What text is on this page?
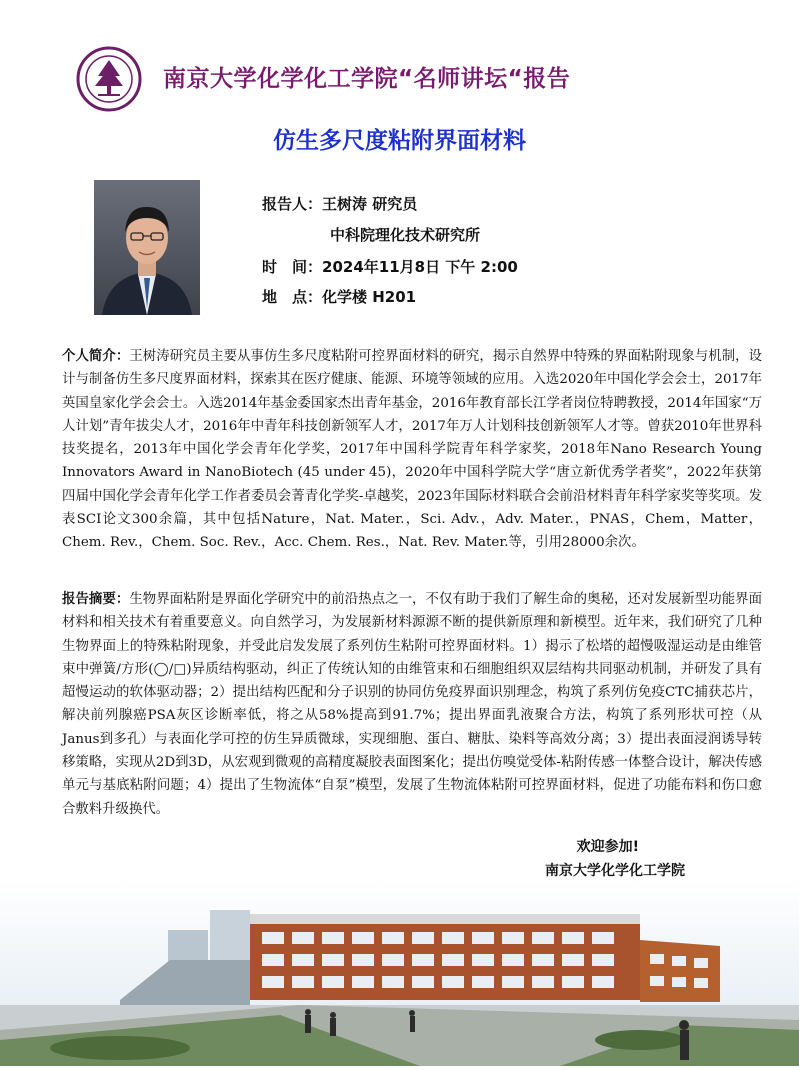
南京大学化学化工学院“名师讲坛“报告
仿生多尺度粘附界面材料
报告人：王树涛 研究员
中科院理化技术研究所
时　间：2024年11月8日 下午 2:00
地　点：化学楼 H201
个人简介：王树涛研究员主要从事仿生多尺度粘附可控界面材料的研究，揭示自然界中特殊的界面粘附现象与机制，设计与制备仿生多尺度界面材料，探索其在医疗健康、能源、环境等领域的应用。入选2020年中国化学会会士，2017年英国皇家化学会会士。入选2014年基金委国家杰出青年基金，2016年教育部长江学者岗位特聘教授，2014年国家“万人计划”青年拔尖人才，2016年中青年科技创新领军人才，2017年万人计划科技创新领军人才等。曾获2010年世界科技奖提名，2013年中国化学会青年化学奖，2017年中国科学院青年科学家奖，2018年Nano Research Young Innovators Award in NanoBiotech (45 under 45)，2020年中国科学院大学“唐立新优秀学者奖”，2022年获第四届中国化学会青年化学工作者委员会菁青化学奖-卓越奖，2023年国际材料联合会前沿材料青年科学家奖等奖项。发表SCI论文300余篇，其中包括Nature，Nat. Mater.，Sci. Adv.，Adv. Mater.，PNAS，Chem，Matter，Chem. Rev.，Chem. Soc. Rev.，Acc. Chem. Res.，Nat. Rev. Mater.等，引用28000余次。
报告摘要：生物界面粘附是界面化学研究中的前沿热点之一，不仅有助于我们了解生命的奥秘，还对发展新型功能界面材料和相关技术有着重要意义。向自然学习，为发展新材料源源不断的提供新原理和新模型。近年来，我们研究了几种生物界面上的特殊粘附现象，并受此启发发展了系列仿生粘附可控界面材料。1）揭示了松塔的超慢吸湿运动是由维管束中弹簧/方形(◯/□)异质结构驱动，纠正了传统认知的由维管束和石细胞组织双层结构共同驱动机制，并研发了具有超慢运动的软体驱动器；2）提出结构匹配和分子识别的协同仿免疫界面识别理念，构筑了系列仿免疫CTC捕获芯片，解决前列腺癌PSA灰区诊断率低，将之从58%提高到91.7%；提出界面乳液聚合方法，构筑了系列形状可控（从Janus到多孔）与表面化学可控的仿生异质微球，实现细胞、蛋白、糖肽、染料等高效分离；3）提出表面浸润诱导转移策略，实现从2D到3D，从宏观到微观的高精度凝胶表面图案化；提出仿嗅觉受体-粘附传感一体整合设计，解决传感单元与基底粘附问题；4）提出了生物流体“自泵”模型，发展了生物流体粘附可控界面材料，促进了功能布料和伤口愈合敷料升级换代。
欢迎参加!
南京大学化学化工学院
